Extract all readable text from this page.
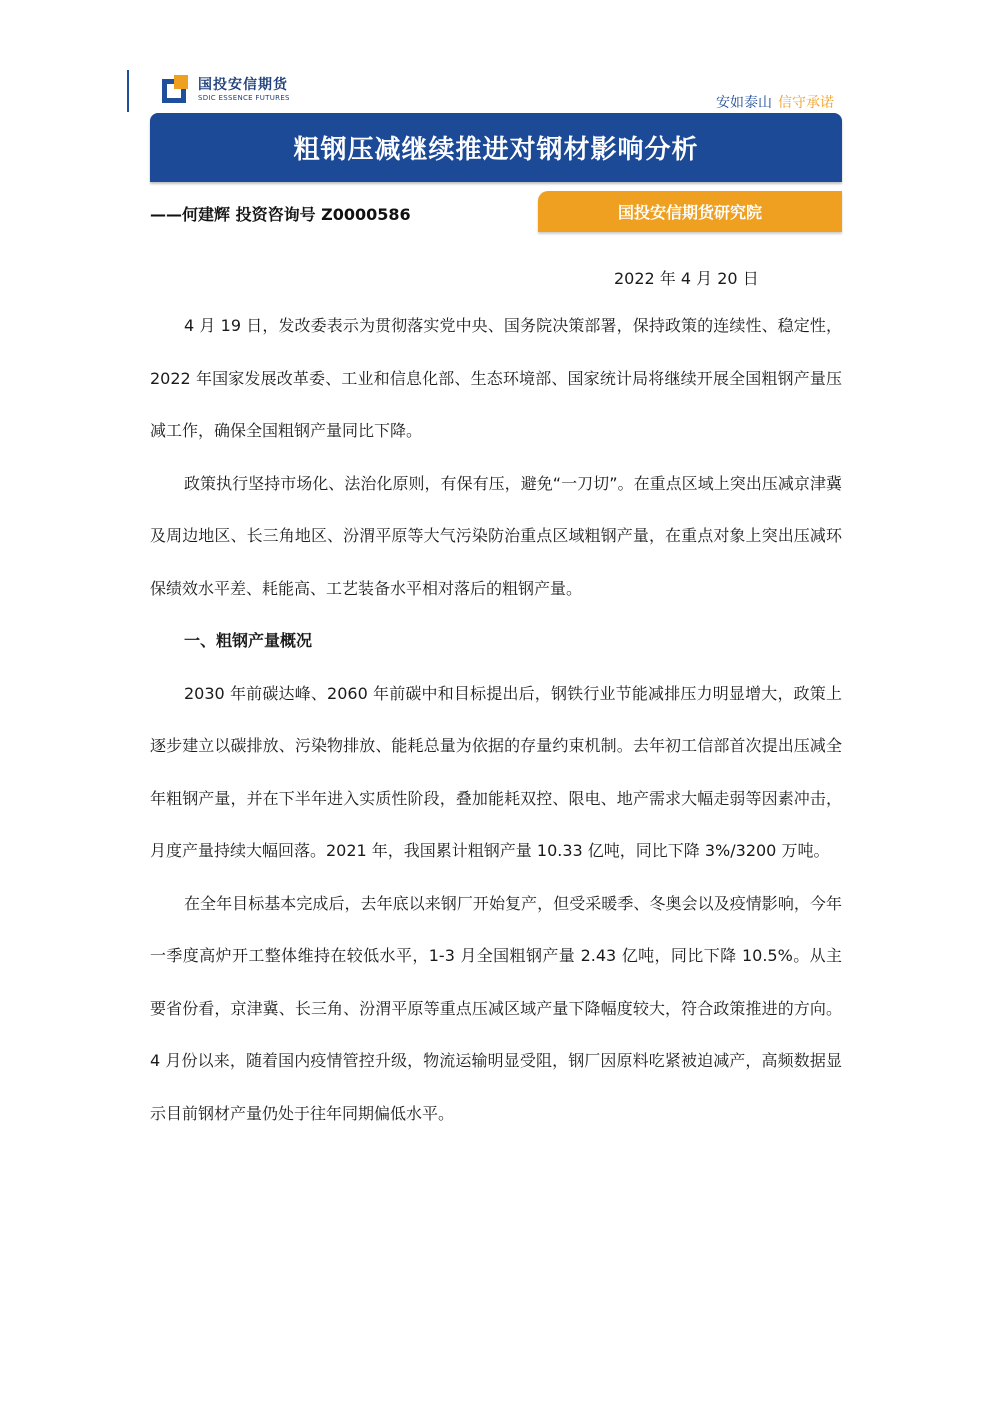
国投安信期货
SDIC ESSENCE FUTURES	安如泰山 信守承诺
粗钢压减继续推进对钢材影响分析
——何建辉 投资咨询号 Z0000586	国投安信期货研究院
2022 年 4 月 20 日

4 月 19 日，发改委表示为贯彻落实党中央、国务院决策部署，保持政策的连续性、稳定性，2022 年国家发展改革委、工业和信息化部、生态环境部、国家统计局将继续开展全国粗钢产量压减工作，确保全国粗钢产量同比下降。

政策执行坚持市场化、法治化原则，有保有压，避免“一刀切”。在重点区域上突出压减京津冀及周边地区、长三角地区、汾渭平原等大气污染防治重点区域粗钢产量，在重点对象上突出压减环保绩效水平差、耗能高、工艺装备水平相对落后的粗钢产量。

一、粗钢产量概况

2030 年前碳达峰、2060 年前碳中和目标提出后，钢铁行业节能减排压力明显增大，政策上逐步建立以碳排放、污染物排放、能耗总量为依据的存量约束机制。去年初工信部首次提出压减全年粗钢产量，并在下半年进入实质性阶段，叠加能耗双控、限电、地产需求大幅走弱等因素冲击，月度产量持续大幅回落。2021 年，我国累计粗钢产量 10.33 亿吨，同比下降 3%/3200 万吨。

在全年目标基本完成后，去年底以来钢厂开始复产，但受采暖季、冬奥会以及疫情影响，今年一季度高炉开工整体维持在较低水平，1-3 月全国粗钢产量 2.43 亿吨，同比下降 10.5%。从主要省份看，京津冀、长三角、汾渭平原等重点压减区域产量下降幅度较大，符合政策推进的方向。4 月份以来，随着国内疫情管控升级，物流运输明显受阻，钢厂因原料吃紧被迫减产，高频数据显示目前钢材产量仍处于往年同期偏低水平。
